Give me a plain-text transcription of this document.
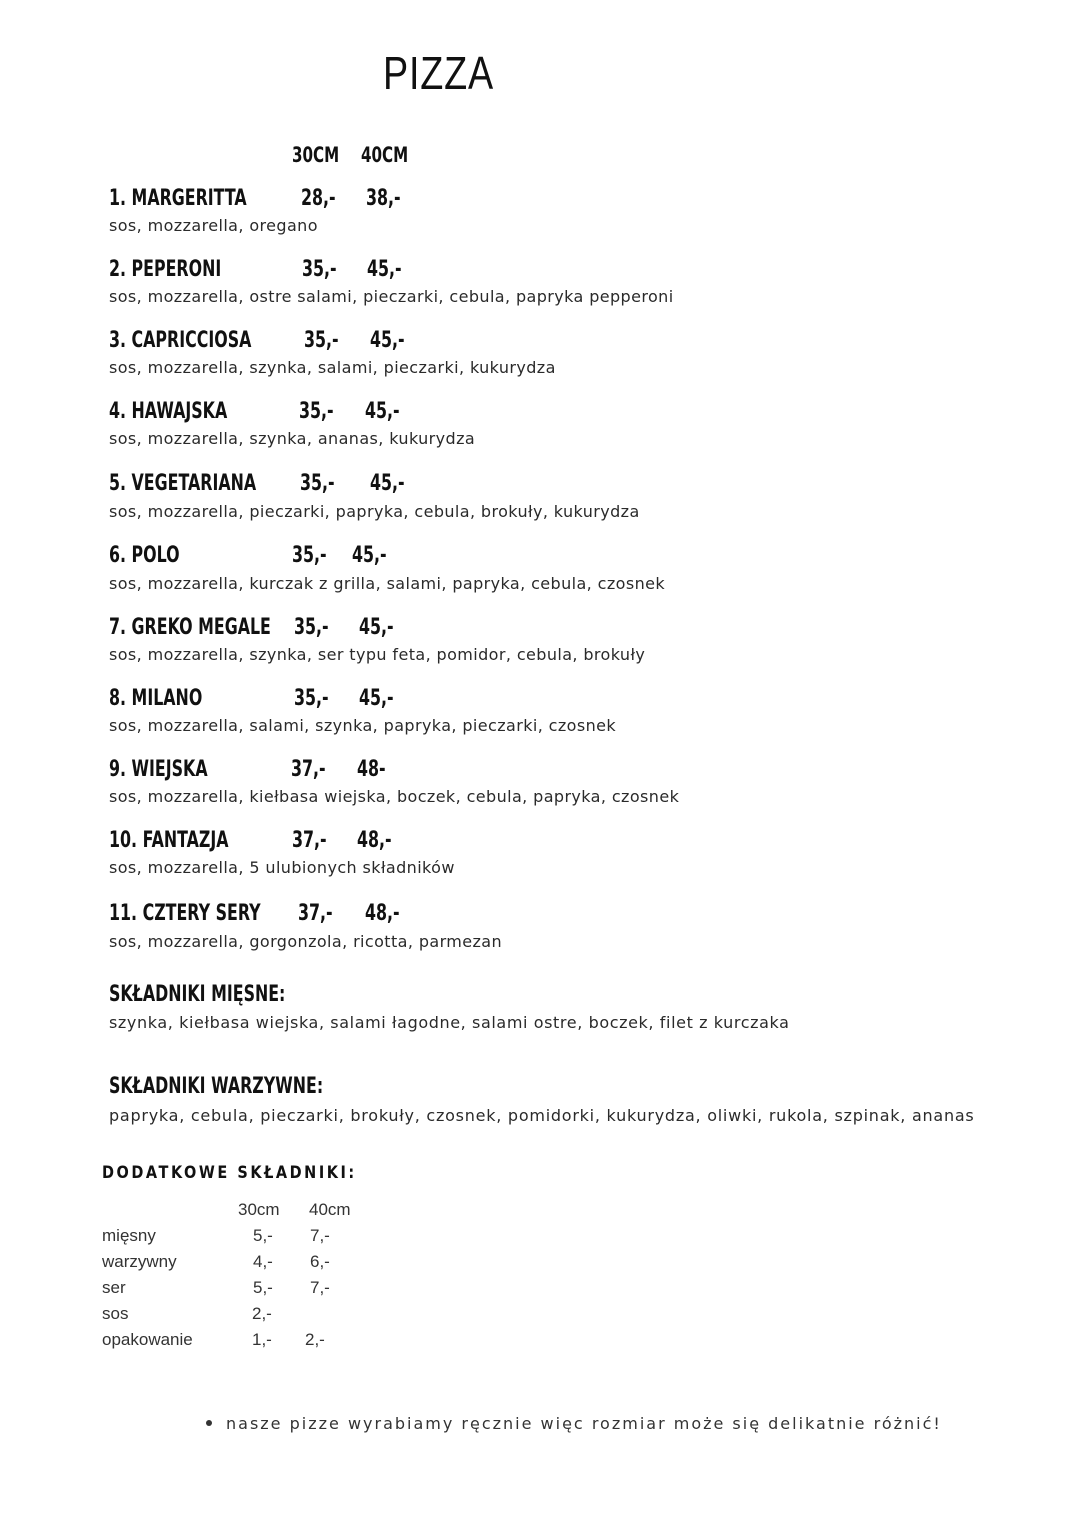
PIZZA
30CM	40CM
1. MARGERITTA	28,-	38,-
sos, mozzarella, oregano
2. PEPERONI	35,-	45,-
sos, mozzarella, ostre salami, pieczarki, cebula, papryka pepperoni
3. CAPRICCIOSA	35,-	45,-
sos, mozzarella, szynka, salami, pieczarki, kukurydza
4. HAWAJSKA	35,-	45,-
sos, mozzarella, szynka, ananas, kukurydza
5. VEGETARIANA	35,-	45,-
sos, mozzarella, pieczarki, papryka, cebula, brokuły, kukurydza
6. POLO	35,-	45,-
sos, mozzarella, kurczak z grilla, salami, papryka, cebula, czosnek
7. GREKO MEGALE	35,-	45,-
sos, mozzarella, szynka, ser typu feta, pomidor, cebula, brokuły
8. MILANO	35,-	45,-
sos, mozzarella, salami, szynka, papryka, pieczarki, czosnek
9. WIEJSKA	37,-	48-
sos, mozzarella, kiełbasa wiejska, boczek, cebula, papryka, czosnek
10. FANTAZJA	37,-	48,-
sos, mozzarella, 5 ulubionych składników
11. CZTERY SERY	37,-	48,-
sos, mozzarella, gorgonzola, ricotta, parmezan
SKŁADNIKI MIĘSNE:
szynka, kiełbasa wiejska, salami łagodne, salami ostre, boczek, filet z kurczaka
SKŁADNIKI WARZYWNE:
papryka, cebula, pieczarki, brokuły, czosnek, pomidorki, kukurydza, oliwki, rukola, szpinak, ananas
DODATKOWE SKŁADNIKI:
30cm 40cm
mięsny	5,- 7,-
warzywny	4,- 6,-
ser	5,- 7,-
sos	2,-
opakowanie	1,- 2,-
nasze pizze wyrabiamy ręcznie więc rozmiar może się delikatnie różnić!
